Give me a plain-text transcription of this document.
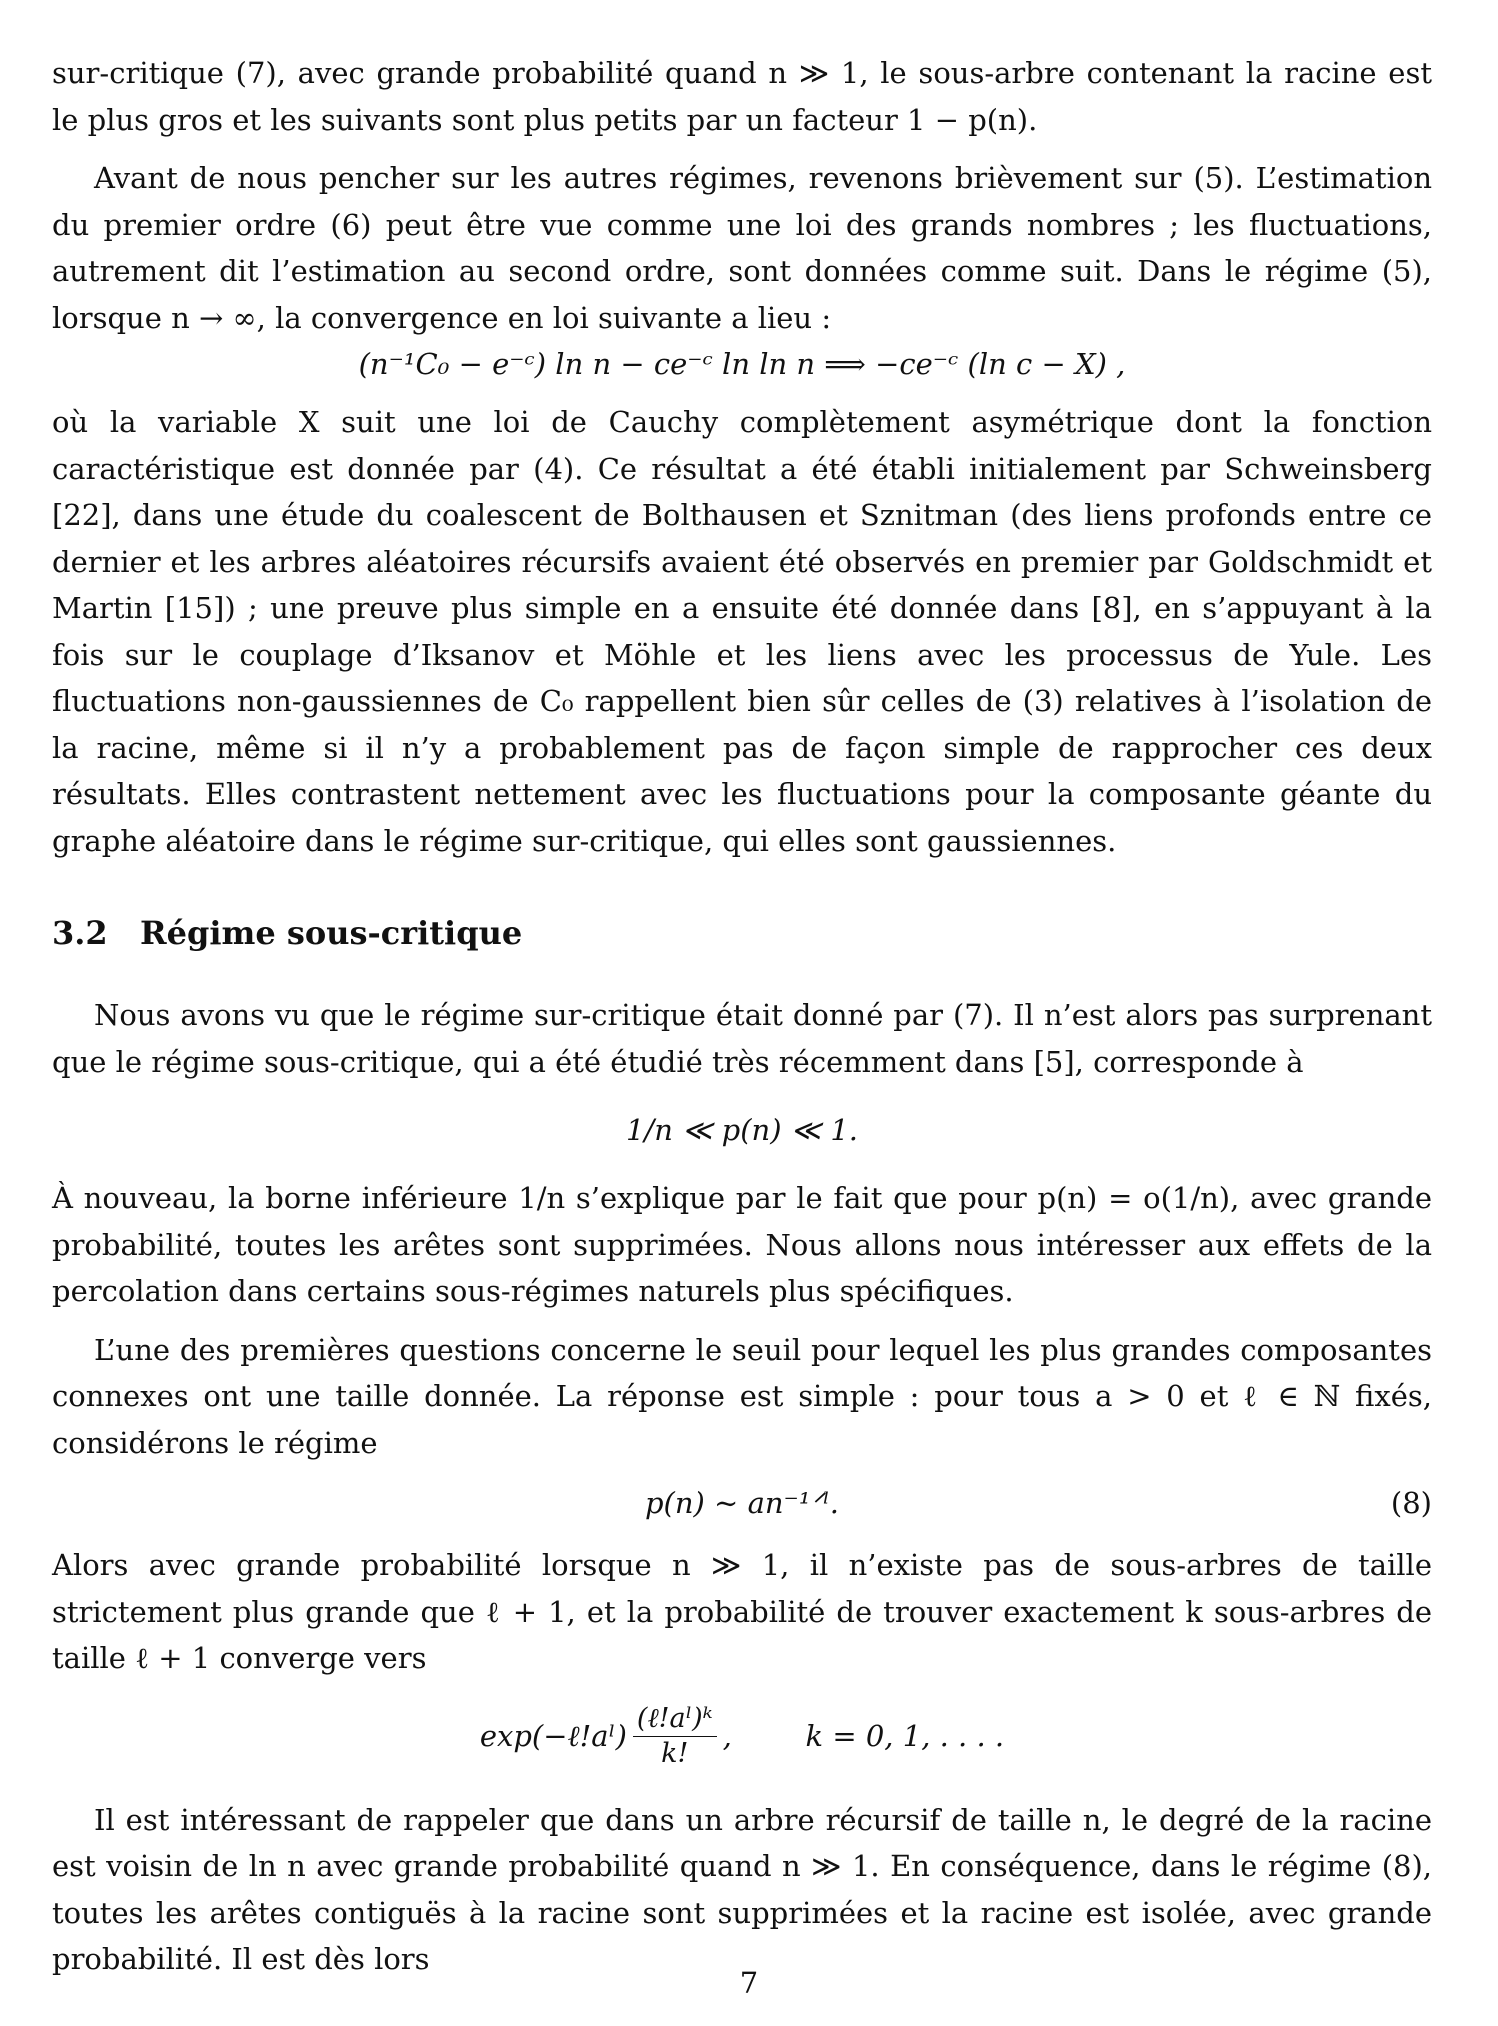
sur-critique (7), avec grande probabilité quand n ≫ 1, le sous-arbre contenant la racine est le plus gros et les suivants sont plus petits par un facteur 1 − p(n).

Avant de nous pencher sur les autres régimes, revenons brièvement sur (5). L’estimation du premier ordre (6) peut être vue comme une loi des grands nombres ; les fluctuations, autrement dit l’estimation au second ordre, sont données comme suit. Dans le régime (5), lorsque n → ∞, la convergence en loi suivante a lieu :

(n⁻¹C₀ − e⁻ᶜ) ln n − ce⁻ᶜ ln ln n ⟹ −ce⁻ᶜ (ln c − X) ,

où la variable X suit une loi de Cauchy complètement asymétrique dont la fonction caractéristique est donnée par (4). Ce résultat a été établi initialement par Schweinsberg [22], dans une étude du coalescent de Bolthausen et Sznitman (des liens profonds entre ce dernier et les arbres aléatoires récursifs avaient été observés en premier par Goldschmidt et Martin [15]) ; une preuve plus simple en a ensuite été donnée dans [8], en s’appuyant à la fois sur le couplage d’Iksanov et Möhle et les liens avec les processus de Yule. Les fluctuations non-gaussiennes de C₀ rappellent bien sûr celles de (3) relatives à l’isolation de la racine, même si il n’y a probablement pas de façon simple de rapprocher ces deux résultats. Elles contrastent nettement avec les fluctuations pour la composante géante du graphe aléatoire dans le régime sur-critique, qui elles sont gaussiennes.

3.2 Régime sous-critique

Nous avons vu que le régime sur-critique était donné par (7). Il n’est alors pas surprenant que le régime sous-critique, qui a été étudié très récemment dans [5], corresponde à

1/n ≪ p(n) ≪ 1.

À nouveau, la borne inférieure 1/n s’explique par le fait que pour p(n) = o(1/n), avec grande probabilité, toutes les arêtes sont supprimées. Nous allons nous intéresser aux effets de la percolation dans certains sous-régimes naturels plus spécifiques.

L’une des premières questions concerne le seuil pour lequel les plus grandes composantes connexes ont une taille donnée. La réponse est simple : pour tous a > 0 et ℓ ∈ ℕ fixés, considérons le régime

p(n) ∼ an⁻¹ᐟˡ.	(8)

Alors avec grande probabilité lorsque n ≫ 1, il n’existe pas de sous-arbres de taille strictement plus grande que ℓ + 1, et la probabilité de trouver exactement k sous-arbres de taille ℓ + 1 converge vers

exp(−ℓ!aˡ) $\frac{\text{(ℓ!aˡ)ᵏ}}{k!}$ ,        k = 0, 1, . . . .

Il est intéressant de rappeler que dans un arbre récursif de taille n, le degré de la racine est voisin de ln n avec grande probabilité quand n ≫ 1. En conséquence, dans le régime (8), toutes les arêtes contiguës à la racine sont supprimées et la racine est isolée, avec grande probabilité. Il est dès lors

7
